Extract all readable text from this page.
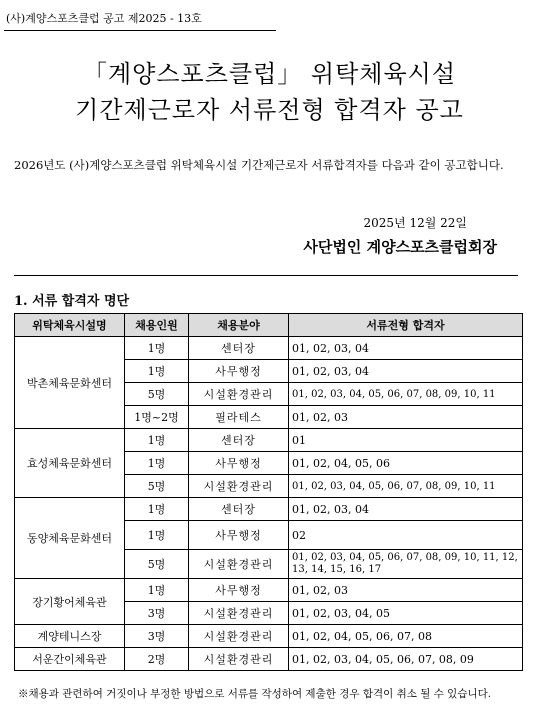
(사)계양스포츠클럽 공고 제2025 - 13호
「계양스포츠클럽」 위탁체육시설
기간제근로자 서류전형 합격자 공고

2026년도 (사)계양스포츠클럽 위탁체육시설 기간제근로자 서류합격자를 다음과 같이 공고합니다.

2025년 12월 22일
사단법인 계양스포츠클럽회장
1. 서류 합격자 명단
위탁체육시설명	채용인원	채용분야	서류전형 합격자
박촌체육문화센터	1명	센터장	01, 02, 03, 04
	1명	사무행정	01, 02, 03, 04
	5명	시설환경관리	01, 02, 03, 04, 05, 06, 07, 08, 09, 10, 11
	1명~2명	필라테스	01, 02, 03
효성체육문화센터	1명	센터장	01
	1명	사무행정	01, 02, 04, 05, 06
	5명	시설환경관리	01, 02, 03, 04, 05, 06, 07, 08, 09, 10, 11
동양체육문화센터	1명	센터장	01, 02, 03, 04
	1명	사무행정	02
	5명	시설환경관리	01, 02, 03, 04, 05, 06, 07, 08, 09, 10, 11, 12, 13, 14, 15, 16, 17
장기황어체육관	1명	사무행정	01, 02, 03
	3명	시설환경관리	01, 02, 03, 04, 05
계양테니스장	3명	시설환경관리	01, 02, 04, 05, 06, 07, 08
서운간이체육관	2명	시설환경관리	01, 02, 03, 04, 05, 06, 07, 08, 09
※채용과 관련하여 거짓이나 부정한 방법으로 서류를 작성하여 제출한 경우 합격이 취소 될 수 있습니다.
